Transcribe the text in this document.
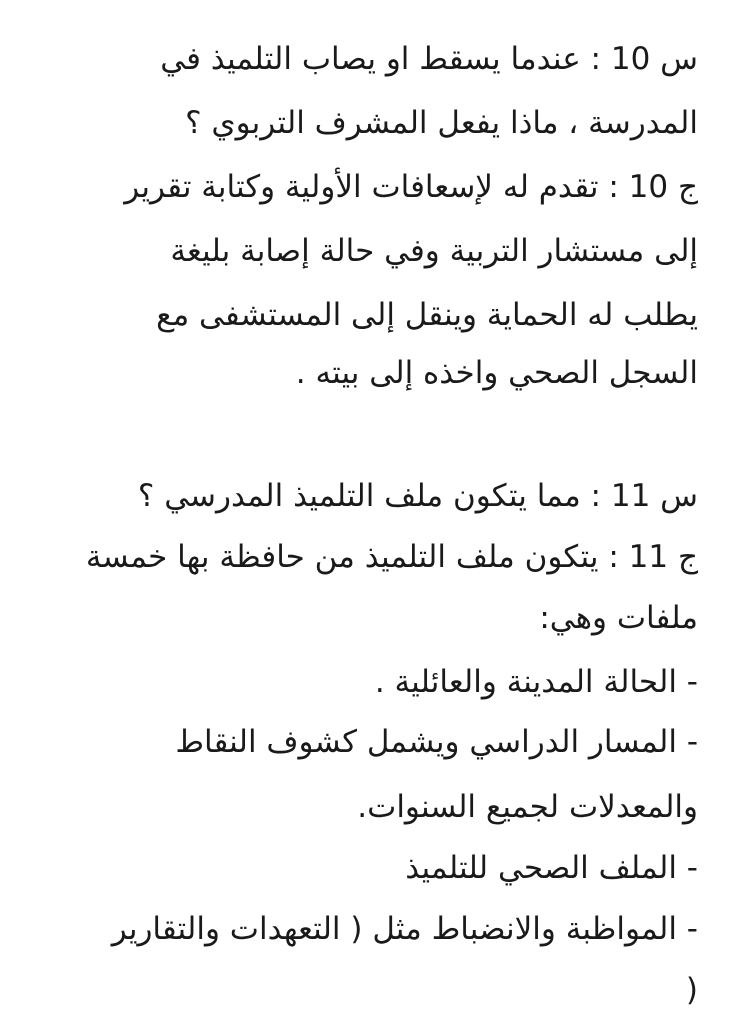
س 10 : عندما يسقط او يصاب التلميذ في
المدرسة ، ماذا يفعل المشرف التربوي ؟
ج 10 : تقدم له لإسعافات الأولية وكتابة تقرير
إلى مستشار التربية وفي حالة إصابة بليغة
يطلب له الحماية وينقل إلى المستشفى مع
السجل الصحي واخذه إلى بيته .
س 11 : مما يتكون ملف التلميذ المدرسي ؟
ج 11 : يتكون ملف التلميذ من حافظة بها خمسة
ملفات وهي:
- الحالة المدينة والعائلية .
- المسار الدراسي ويشمل كشوف النقاط
والمعدلات لجميع السنوات.
- الملف الصحي للتلميذ
- المواظبة والانضباط مثل ( التعهدات والتقارير
)
